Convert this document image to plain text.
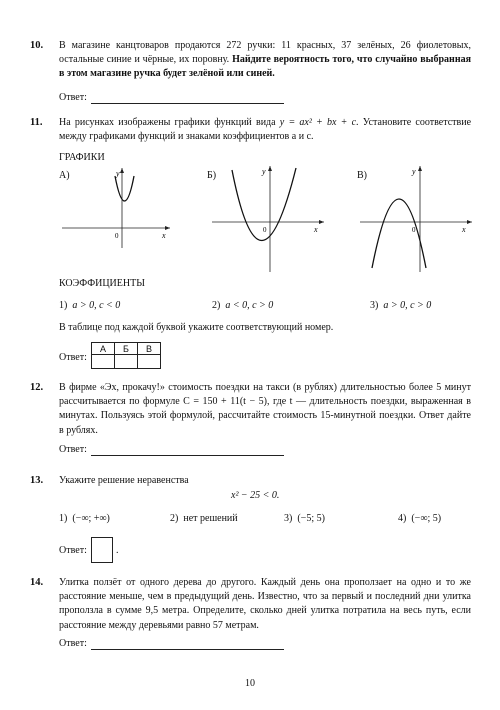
10. В магазине канцтоваров продаются 272 ручки: 11 красных, 37 зелёных, 26 фиолетовых, остальные синие и чёрные, их поровну. Найдите вероятность того, что случайно выбранная в этом магазине ручка будет зелёной или синей.
Ответ:
11. На рисунках изображены графики функций вида y = ax² + bx + c. Установите соответствие между графиками функций и знаками коэффициентов a и c.
ГРАФИКИ
А)	y
x
0
Б)	y
x
0
В)	y
x
0
КОЭФФИЦИЕНТЫ
1) a > 0, c < 0	2) a < 0, c > 0	3) a > 0, c > 0
В таблице под каждой буквой укажите соответствующий номер.
Ответ:
А	Б	В

12. В фирме «Эх, прокачу!» стоимость поездки на такси (в рублях) длительностью более 5 минут рассчитывается по формуле C = 150 + 11(t − 5), где t — длительность поездки, выраженная в минутах. Пользуясь этой формулой, рассчитайте стоимость 15-минутной поездки. Ответ дайте в рублях.
Ответ:
13. Укажите решение неравенства
x² − 25 < 0.
1) (−∞; +∞)	2) нет решений	3) (−5; 5)	4) (−∞; 5)
Ответ:	.
14. Улитка ползёт от одного дерева до другого. Каждый день она проползает на одно и то же расстояние меньше, чем в предыдущий день. Известно, что за первый и последний дни улитка проползла в сумме 9,5 метра. Определите, сколько дней улитка потратила на весь путь, если расстояние между деревьями равно 57 метрам.
Ответ:
10
